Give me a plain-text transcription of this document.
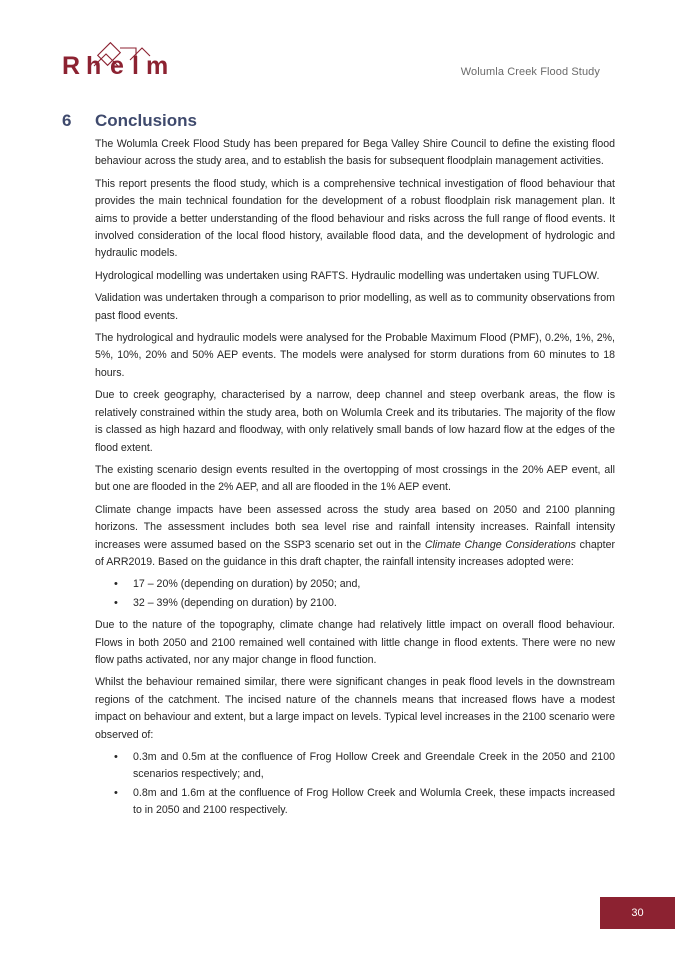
R h e l m	Wolumla Creek Flood Study
6 Conclusions

The Wolumla Creek Flood Study has been prepared for Bega Valley Shire Council to define the existing flood behaviour across the study area, and to establish the basis for subsequent floodplain management activities.

This report presents the flood study, which is a comprehensive technical investigation of flood behaviour that provides the main technical foundation for the development of a robust floodplain risk management plan. It aims to provide a better understanding of the flood behaviour and risks across the full range of flood events. It involved consideration of the local flood history, available flood data, and the development of hydrologic and hydraulic models.

Hydrological modelling was undertaken using RAFTS. Hydraulic modelling was undertaken using TUFLOW.

Validation was undertaken through a comparison to prior modelling, as well as to community observations from past flood events.

The hydrological and hydraulic models were analysed for the Probable Maximum Flood (PMF), 0.2%, 1%, 2%, 5%, 10%, 20% and 50% AEP events. The models were analysed for storm durations from 60 minutes to 18 hours.

Due to creek geography, characterised by a narrow, deep channel and steep overbank areas, the flow is relatively constrained within the study area, both on Wolumla Creek and its tributaries. The majority of the flow is classed as high hazard and floodway, with only relatively small bands of low hazard flow at the edges of the flood extent.

The existing scenario design events resulted in the overtopping of most crossings in the 20% AEP event, all but one are flooded in the 2% AEP, and all are flooded in the 1% AEP event.

Climate change impacts have been assessed across the study area based on 2050 and 2100 planning horizons. The assessment includes both sea level rise and rainfall intensity increases. Rainfall intensity increases were assumed based on the SSP3 scenario set out in the Climate Change Considerations chapter of ARR2019. Based on the guidance in this draft chapter, the rainfall intensity increases adopted were:

• 17 – 20% (depending on duration) by 2050; and,
• 32 – 39% (depending on duration) by 2100.

Due to the nature of the topography, climate change had relatively little impact on overall flood behaviour. Flows in both 2050 and 2100 remained well contained with little change in flood extents. There were no new flow paths activated, nor any major change in flood function.

Whilst the behaviour remained similar, there were significant changes in peak flood levels in the downstream regions of the catchment. The incised nature of the channels means that increased flows have a modest impact on behaviour and extent, but a large impact on levels. Typical level increases in the 2100 scenario were observed of:

• 0.3m and 0.5m at the confluence of Frog Hollow Creek and Greendale Creek in the 2050 and 2100 scenarios respectively; and,
• 0.8m and 1.6m at the confluence of Frog Hollow Creek and Wolumla Creek, these impacts increased to in 2050 and 2100 respectively.
30
